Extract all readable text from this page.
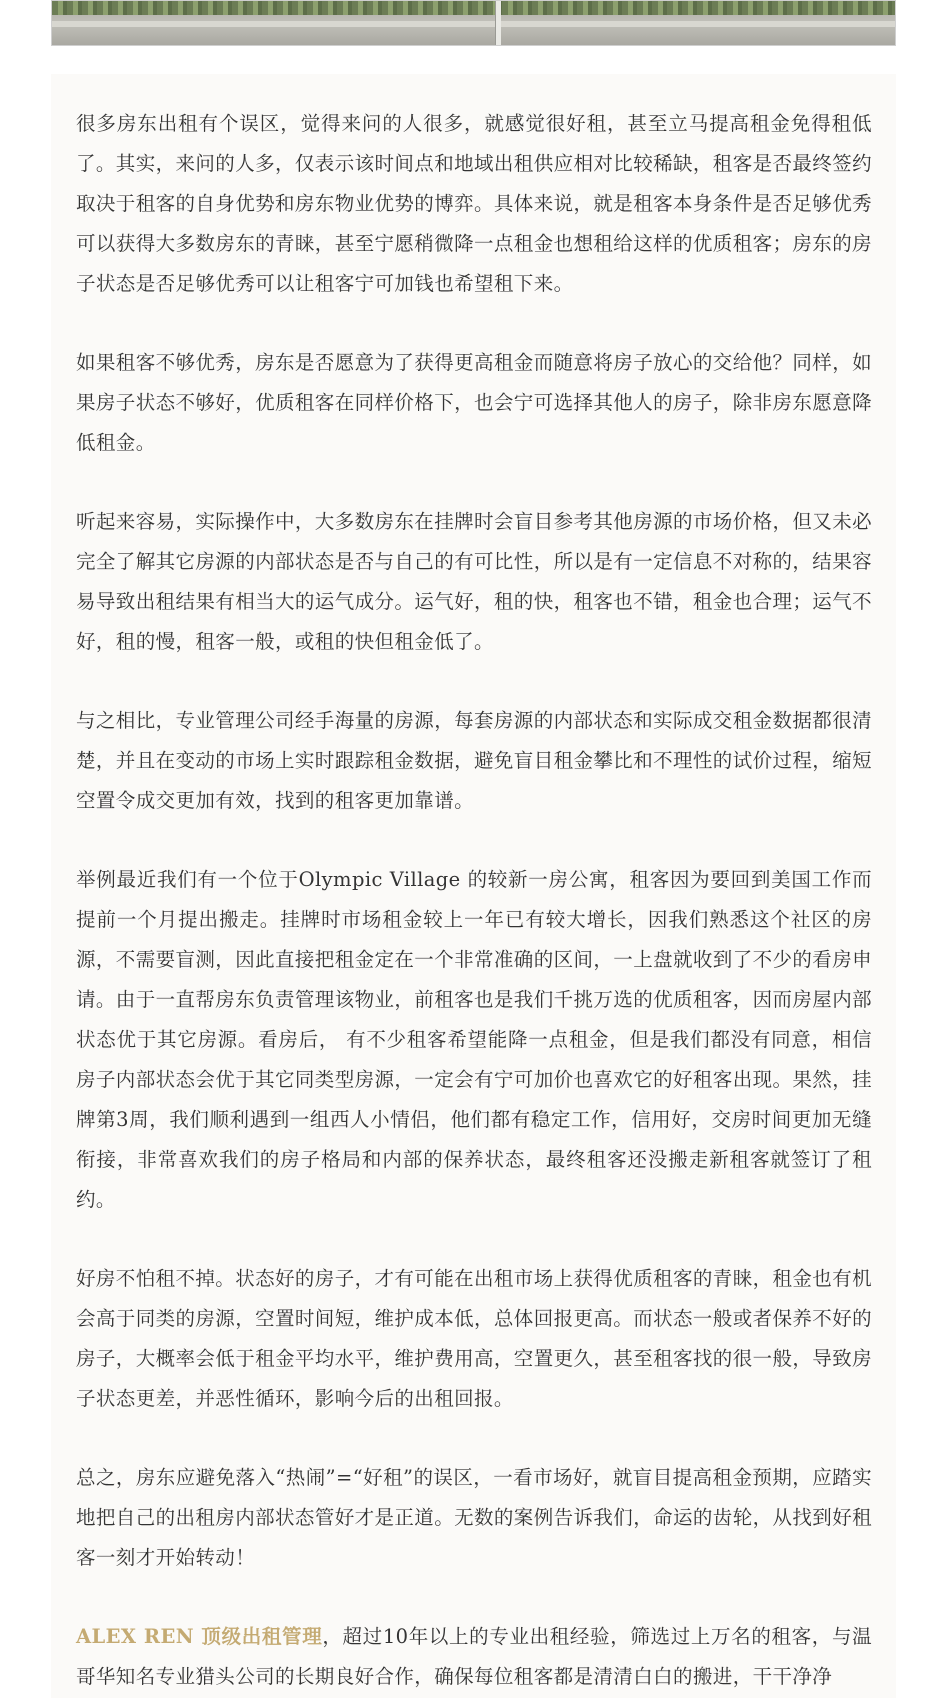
很多房东出租有个误区，觉得来问的人很多，就感觉很好租，甚至立马提高租金免得租低了。其实，来问的人多，仅表示该时间点和地域出租供应相对比较稀缺，租客是否最终签约取决于租客的自身优势和房东物业优势的博弈。具体来说，就是租客本身条件是否足够优秀可以获得大多数房东的青睐，甚至宁愿稍微降一点租金也想租给这样的优质租客；房东的房子状态是否足够优秀可以让租客宁可加钱也希望租下来。

如果租客不够优秀，房东是否愿意为了获得更高租金而随意将房子放心的交给他？同样，如果房子状态不够好，优质租客在同样价格下，也会宁可选择其他人的房子，除非房东愿意降低租金。

听起来容易，实际操作中，大多数房东在挂牌时会盲目参考其他房源的市场价格，但又未必完全了解其它房源的内部状态是否与自己的有可比性，所以是有一定信息不对称的，结果容易导致出租结果有相当大的运气成分。运气好，租的快，租客也不错，租金也合理；运气不好，租的慢，租客一般，或租的快但租金低了。

与之相比，专业管理公司经手海量的房源，每套房源的内部状态和实际成交租金数据都很清楚，并且在变动的市场上实时跟踪租金数据，避免盲目租金攀比和不理性的试价过程，缩短空置令成交更加有效，找到的租客更加靠谱。

举例最近我们有一个位于Olympic Village 的较新一房公寓，租客因为要回到美国工作而提前一个月提出搬走。挂牌时市场租金较上一年已有较大增长，因我们熟悉这个社区的房源，不需要盲测，因此直接把租金定在一个非常准确的区间，一上盘就收到了不少的看房申请。由于一直帮房东负责管理该物业，前租客也是我们千挑万选的优质租客，因而房屋内部状态优于其它房源。看房后， 有不少租客希望能降一点租金，但是我们都没有同意，相信房子内部状态会优于其它同类型房源，一定会有宁可加价也喜欢它的好租客出现。果然，挂牌第3周，我们顺利遇到一组西人小情侣，他们都有稳定工作，信用好，交房时间更加无缝衔接，非常喜欢我们的房子格局和内部的保养状态，最终租客还没搬走新租客就签订了租约。

好房不怕租不掉。状态好的房子，才有可能在出租市场上获得优质租客的青睐，租金也有机会高于同类的房源，空置时间短，维护成本低，总体回报更高。而状态一般或者保养不好的房子，大概率会低于租金平均水平，维护费用高，空置更久，甚至租客找的很一般，导致房子状态更差，并恶性循环，影响今后的出租回报。

总之，房东应避免落入“热闹”=“好租”的误区，一看市场好，就盲目提高租金预期，应踏实地把自己的出租房内部状态管好才是正道。无数的案例告诉我们，命运的齿轮，从找到好租客一刻才开始转动！

ALEX REN 顶级出租管理，超过10年以上的专业出租经验，筛选过上万名的租客，与温哥华知名专业猎头公司的长期良好合作，确保每位租客都是清清白白的搬进，干干净净
